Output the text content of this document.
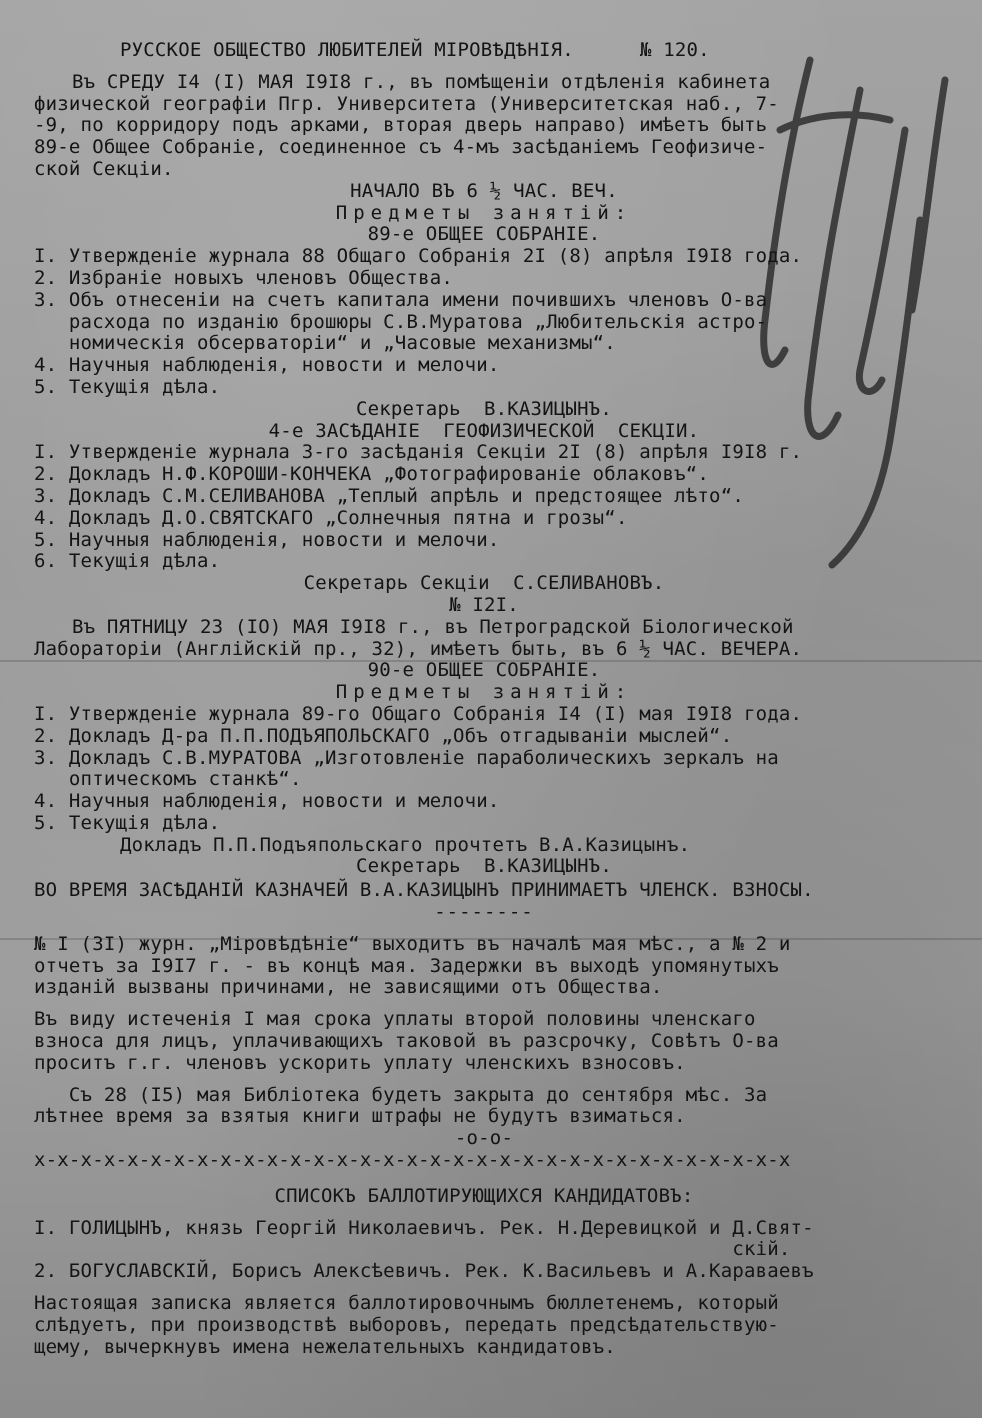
РУССКОЕ ОБЩЕСТВО ЛЮБИТЕЛЕЙ МIРОВѢДѢНIЯ.	№ 120.
Въ СРЕДУ I4 (I) МАЯ I9I8 г., въ помѣщенiи отдѣленiя кабинета
физической географiи Пгр. Университета (Университетская наб., 7-
-9, по корридору подъ арками, вторая дверь направо) имѣетъ быть
89-е Общее Собранiе, соединенное съ 4-мъ засѣданiемъ Геофизиче-
ской Секцiи.
НАЧАЛО ВЪ 6 ½ ЧАС. ВЕЧ.
Предметы занятiй:
89-е ОБЩЕЕ СОБРАНIЕ.
I. Утвержденiе журнала 88 Общаго Собранiя 2I (8) апрѣля I9I8 года.
2. Избранiе новыхъ членовъ Общества.
3. Объ отнесенiи на счетъ капитала имени почившихъ членовъ О-ва
расхода по изданiю брошюры С.В.Муратова „Любительскiя астро-
номическiя обсерваторiи“ и „Часовые механизмы“.
4. Научныя наблюденiя, новости и мелочи.
5. Текущiя дѣла.
Секретарь  В.КАЗИЦЫНЪ.
4-е ЗАСѢДАНIЕ  ГЕОФИЗИЧЕСКОЙ  СЕКЦIИ.
I. Утвержденiе журнала 3-го засѣданiя Секцiи 2I (8) апрѣля I9I8 г.
2. Докладъ Н.Ф.КОРОШИ-КОНЧЕКА „Фотографированiе облаковъ“.
3. Докладъ С.М.СЕЛИВАНОВА „Теплый апрѣль и предстоящее лѣто“.
4. Докладъ Д.О.СВЯТСКАГО „Солнечныя пятна и грозы“.
5. Научныя наблюденiя, новости и мелочи.
6. Текущiя дѣла.
Секретарь Секцiи  С.СЕЛИВАНОВЪ.
№ I2I.
Въ ПЯТНИЦУ 23 (IO) МАЯ I9I8 г., въ Петроградской Бiологической
Лабораторiи (Англiйскiй пр., 32), имѣетъ быть, въ 6 ½ ЧАС. ВЕЧЕРА.
90-е ОБЩЕЕ СОБРАНIЕ.
Предметы занятiй:
I. Утвержденiе журнала 89-го Общаго Собранiя I4 (I) мая I9I8 года.
2. Докладъ Д-ра П.П.ПОДЪЯПОЛЬСКАГО „Объ отгадыванiи мыслей“.
3. Докладъ С.В.МУРАТОВА „Изготовленiе параболическихъ зеркалъ на
оптическомъ станкѣ“.
4. Научныя наблюденiя, новости и мелочи.
5. Текущiя дѣла.
Докладъ П.П.Подъяпольскаго прочтетъ В.А.Казицынъ.
Секретарь  В.КАЗИЦЫНЪ.
ВО ВРЕМЯ ЗАСѢДАНIЙ КАЗНАЧЕЙ В.А.КАЗИЦЫНЪ ПРИНИМАЕТЪ ЧЛЕНСК. ВЗНОСЫ.
--------
№ I (3I) журн. „Мiровѣдѣнiе“ выходитъ въ началѣ мая мѣс., а № 2 и
отчетъ за I9I7 г. - въ концѣ мая. Задержки въ выходѣ упомянутыхъ
изданiй вызваны причинами, не зависящими отъ Общества.
Въ виду истеченiя I мая срока уплаты второй половины членскаго
взноса для лицъ, уплачивающихъ таковой въ разсрочку, Совѣтъ О-ва
проситъ г.г. членовъ ускорить уплату членскихъ взносовъ.
Съ 28 (I5) мая Библiотека будетъ закрыта до сентября мѣс. За
лѣтнее время за взятыя книги штрафы не будутъ взиматься.
-о-о-
х-х-х-х-х-х-х-х-х-х-х-х-х-х-х-х-х-х-х-х-х-х-х-х-х-х-х-х-х-х-х-х-х
СПИСОКЪ БАЛЛОТИРУЮЩИХСЯ КАНДИДАТОВЪ:
I. ГОЛИЦЫНЪ, князь Георгiй Николаевичъ. Рек. Н.Деревицкой и Д.Свят-
скiй.
2. БОГУСЛАВСКIЙ, Борисъ Алексѣевичъ. Рек. К.Васильевъ и А.Караваевъ
Настоящая записка является баллотировочнымъ бюллетенемъ, который
слѣдуетъ, при производствѣ выборовъ, передать предсѣдательствую-
щему, вычеркнувъ имена нежелательныхъ кандидатовъ.
